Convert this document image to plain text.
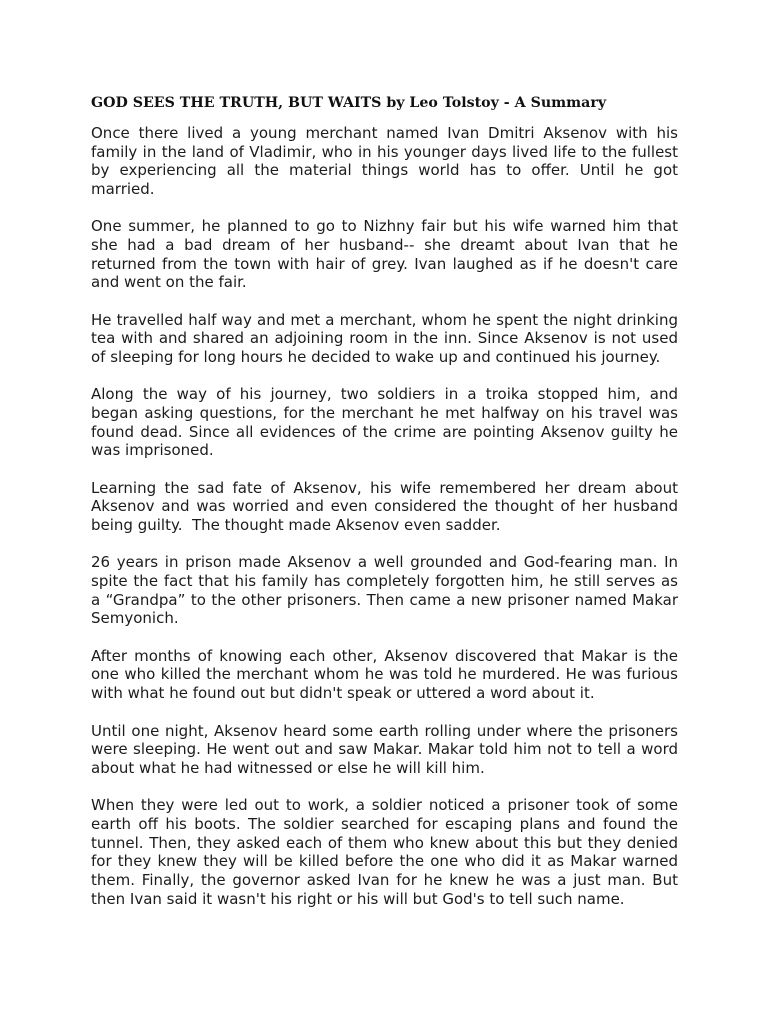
GOD SEES THE TRUTH, BUT WAITS by Leo Tolstoy - A Summary
Once there lived a young merchant named Ivan Dmitri Aksenov with his
family in the land of Vladimir, who in his younger days lived life to the fullest
by experiencing all the material things world has to offer. Until he got
married.
One summer, he planned to go to Nizhny fair but his wife warned him that
she had a bad dream of her husband-- she dreamt about Ivan that he
returned from the town with hair of grey. Ivan laughed as if he doesn't care
and went on the fair.
He travelled half way and met a merchant, whom he spent the night drinking
tea with and shared an adjoining room in the inn. Since Aksenov is not used
of sleeping for long hours he decided to wake up and continued his journey.
Along the way of his journey, two soldiers in a troika stopped him, and
began asking questions, for the merchant he met halfway on his travel was
found dead. Since all evidences of the crime are pointing Aksenov guilty he
was imprisoned.
Learning the sad fate of Aksenov, his wife remembered her dream about
Aksenov and was worried and even considered the thought of her husband
being guilty.  The thought made Aksenov even sadder.
26 years in prison made Aksenov a well grounded and God-fearing man. In
spite the fact that his family has completely forgotten him, he still serves as
a “Grandpa” to the other prisoners. Then came a new prisoner named Makar
Semyonich.
After months of knowing each other, Aksenov discovered that Makar is the
one who killed the merchant whom he was told he murdered. He was furious
with what he found out but didn't speak or uttered a word about it.
Until one night, Aksenov heard some earth rolling under where the prisoners
were sleeping. He went out and saw Makar. Makar told him not to tell a word
about what he had witnessed or else he will kill him.
When they were led out to work, a soldier noticed a prisoner took of some
earth off his boots. The soldier searched for escaping plans and found the
tunnel. Then, they asked each of them who knew about this but they denied
for they knew they will be killed before the one who did it as Makar warned
them. Finally, the governor asked Ivan for he knew he was a just man. But
then Ivan said it wasn't his right or his will but God's to tell such name.
